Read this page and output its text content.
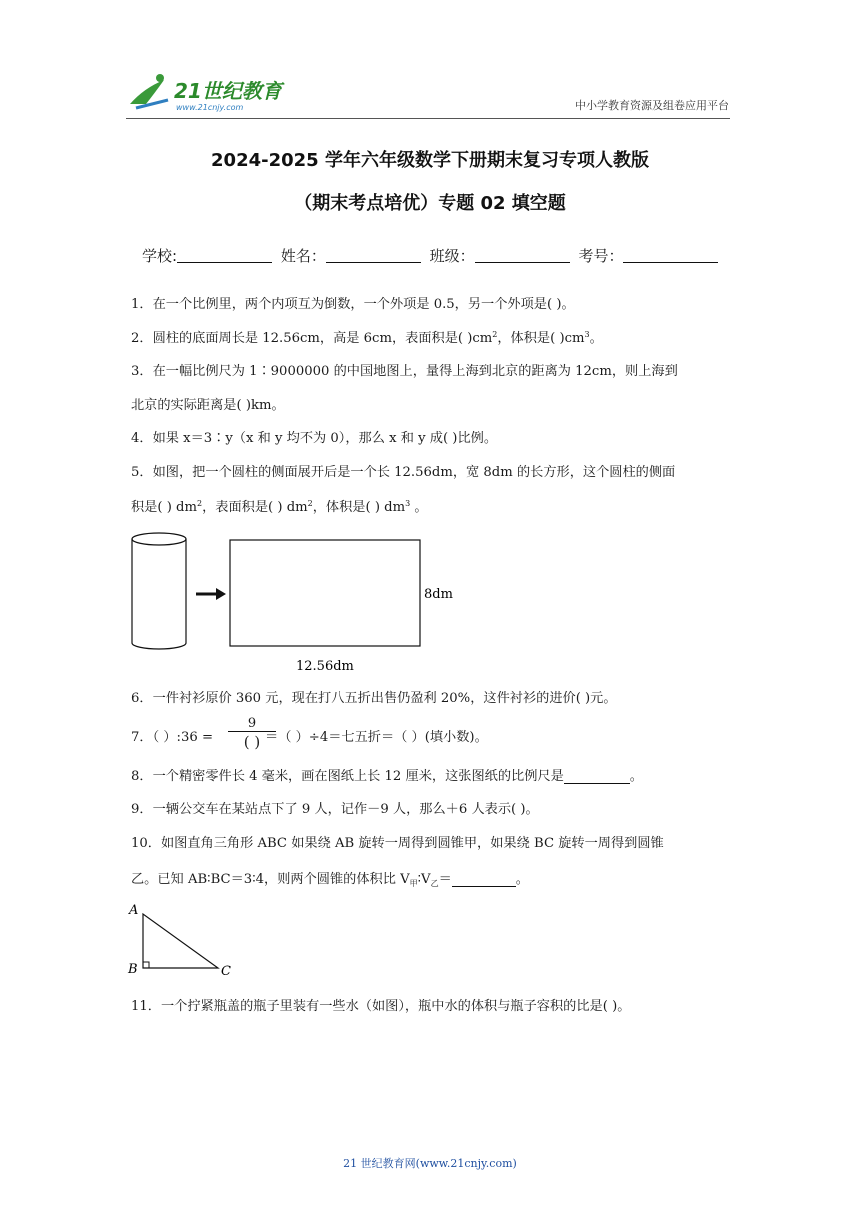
21世纪教育
www.21cnjy.com	中小学教育资源及组卷应用平台
2024-2025 学年六年级数学下册期末复习专项人教版
（期末考点培优）专题 02 填空题
学校:	姓名：	班级：	考号：
1．在一个比例里，两个内项互为倒数，一个外项是 0.5，另一个外项是( )。
2．圆柱的底面周长是 12.56cm，高是 6cm，表面积是( )$cm^2$，体积是( )$cm^3$。
3．在一幅比例尺为 1∶9000000 的中国地图上，量得上海到北京的距离为 12cm，则上海到
北京的实际距离是( )km。
4．如果 x＝3∶y（x 和 y 均不为 0），那么 x 和 y 成( )比例。
5．如图，把一个圆柱的侧面展开后是一个长 12.56dm，宽 8dm 的长方形，这个圆柱的侧面
积是( ) $dm^2$，表面积是( ) $dm^2$，体积是( ) $dm^3$ 。
8dm
12.56dm
6．一件衬衫原价 360 元，现在打八五折出售仍盈利 20%，这件衬衫的进价( )元。
7．（ ）:36 =	＝（ ）÷4＝七五折＝（ ）(填小数)。
9
( )
8．一个精密零件长 4 毫米，画在图纸上长 12 厘米，这张图纸的比例尺是	。
9．一辆公交车在某站点下了 9 人，记作－9 人，那么＋6 人表示( )。
10．如图直角三角形 ABC 如果绕 AB 旋转一周得到圆锥甲，如果绕 BC 旋转一周得到圆锥
乙。已知 AB∶BC＝3∶4，则两个圆锥的体积比 $V_甲∶V_乙=$	。
A
B	C
11．一个拧紧瓶盖的瓶子里装有一些水（如图），瓶中水的体积与瓶子容积的比是( )。
21 世纪教育网(www.21cnjy.com)
